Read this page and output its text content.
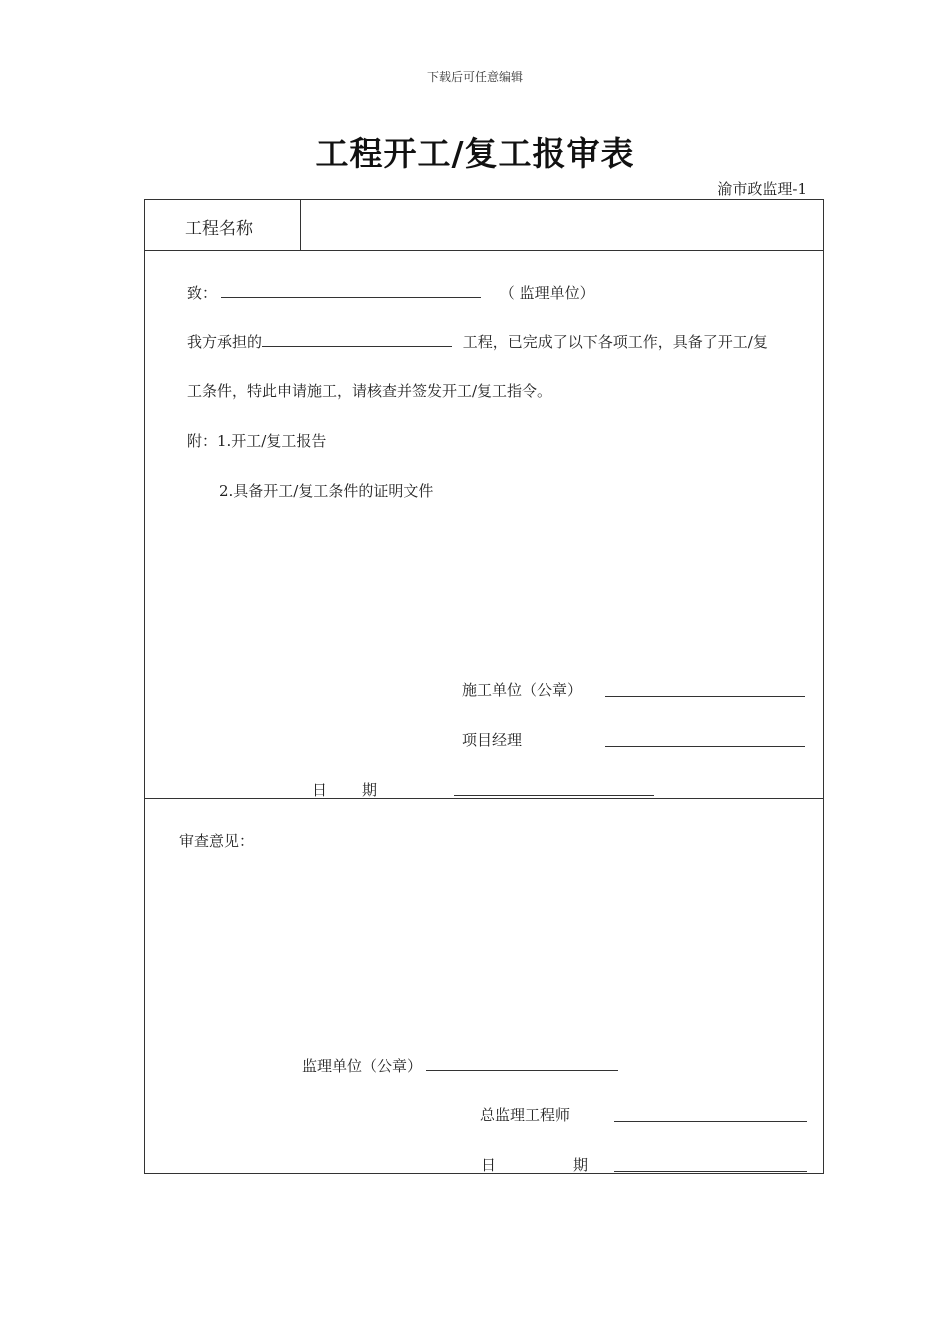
下载后可任意编辑
工程开工/复工报审表
渝市政监理-1
工程名称
致：	（ 监理单位）
我方承担的	工程，已完成了以下各项工作，具备了开工/复
工条件，特此申请施工，请核查并签发开工/复工指令。
附：1.开工/复工报告
2.具备开工/复工条件的证明文件
施工单位（公章）
项目经理
日 期
审查意见：
监理单位（公章）
总监理工程师
日	期
